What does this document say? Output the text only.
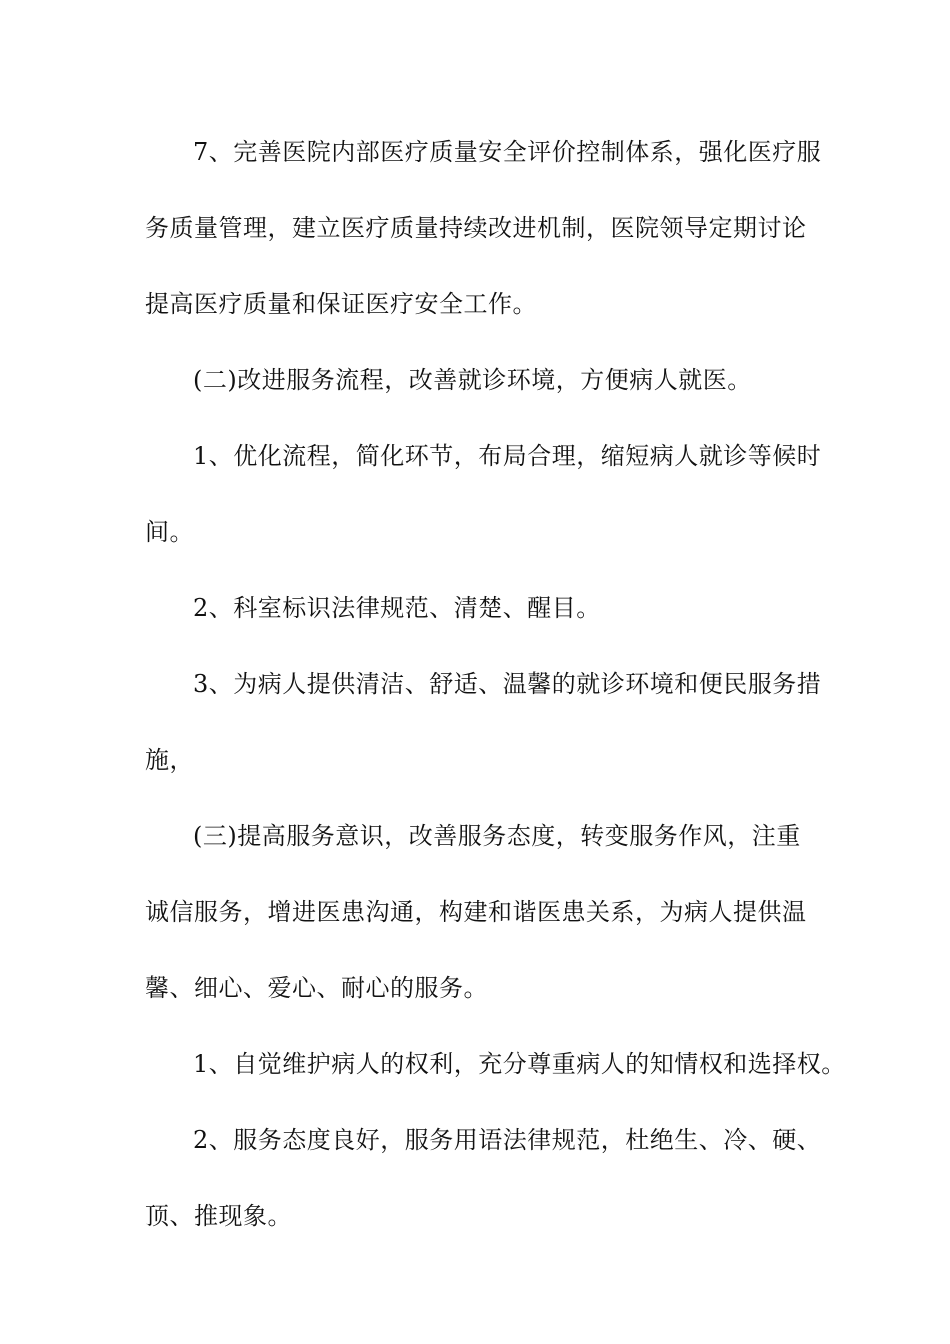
7、完善医院内部医疗质量安全评价控制体系，强化医疗服

务质量管理，建立医疗质量持续改进机制，医院领导定期讨论

提高医疗质量和保证医疗安全工作。

(二)改进服务流程，改善就诊环境，方便病人就医。

1、优化流程，简化环节，布局合理，缩短病人就诊等候时

间。

2、科室标识法律规范、清楚、醒目。

3、为病人提供清洁、舒适、温馨的就诊环境和便民服务措

施，

(三)提高服务意识，改善服务态度，转变服务作风，注重

诚信服务，增进医患沟通，构建和谐医患关系，为病人提供温

馨、细心、爱心、耐心的服务。

1、自觉维护病人的权利，充分尊重病人的知情权和选择权。

2、服务态度良好，服务用语法律规范，杜绝生、冷、硬、

顶、推现象。
